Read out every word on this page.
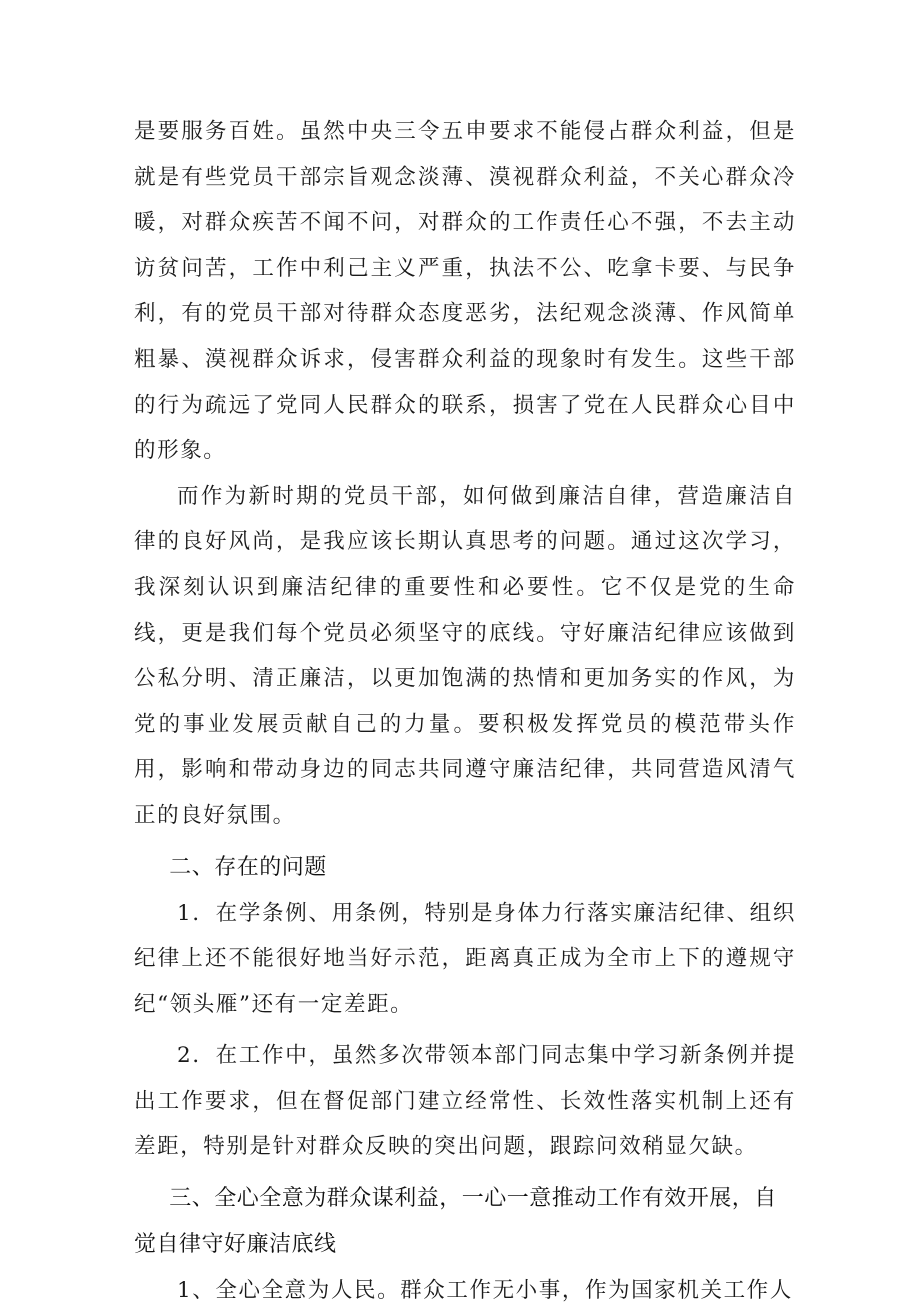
是要服务百姓。虽然中央三令五申要求不能侵占群众利益，但是就是有些党员干部宗旨观念淡薄、漠视群众利益，不关心群众冷暖，对群众疾苦不闻不问，对群众的工作责任心不强，不去主动访贫问苦，工作中利己主义严重，执法不公、吃拿卡要、与民争利，有的党员干部对待群众态度恶劣，法纪观念淡薄、作风简单粗暴、漠视群众诉求，侵害群众利益的现象时有发生。这些干部的行为疏远了党同人民群众的联系，损害了党在人民群众心目中的形象。

而作为新时期的党员干部，如何做到廉洁自律，营造廉洁自律的良好风尚，是我应该长期认真思考的问题。通过这次学习，我深刻认识到廉洁纪律的重要性和必要性。它不仅是党的生命线，更是我们每个党员必须坚守的底线。守好廉洁纪律应该做到公私分明、清正廉洁，以更加饱满的热情和更加务实的作风，为党的事业发展贡献自己的力量。要积极发挥党员的模范带头作用，影响和带动身边的同志共同遵守廉洁纪律，共同营造风清气正的良好氛围。

二、存在的问题

1．在学条例、用条例，特别是身体力行落实廉洁纪律、组织纪律上还不能很好地当好示范，距离真正成为全市上下的遵规守纪“领头雁”还有一定差距。

2．在工作中，虽然多次带领本部门同志集中学习新条例并提出工作要求，但在督促部门建立经常性、长效性落实机制上还有差距，特别是针对群众反映的突出问题，跟踪问效稍显欠缺。

三、全心全意为群众谋利益，一心一意推动工作有效开展，自觉自律守好廉洁底线

1、全心全意为人民。群众工作无小事，作为国家机关工作人
